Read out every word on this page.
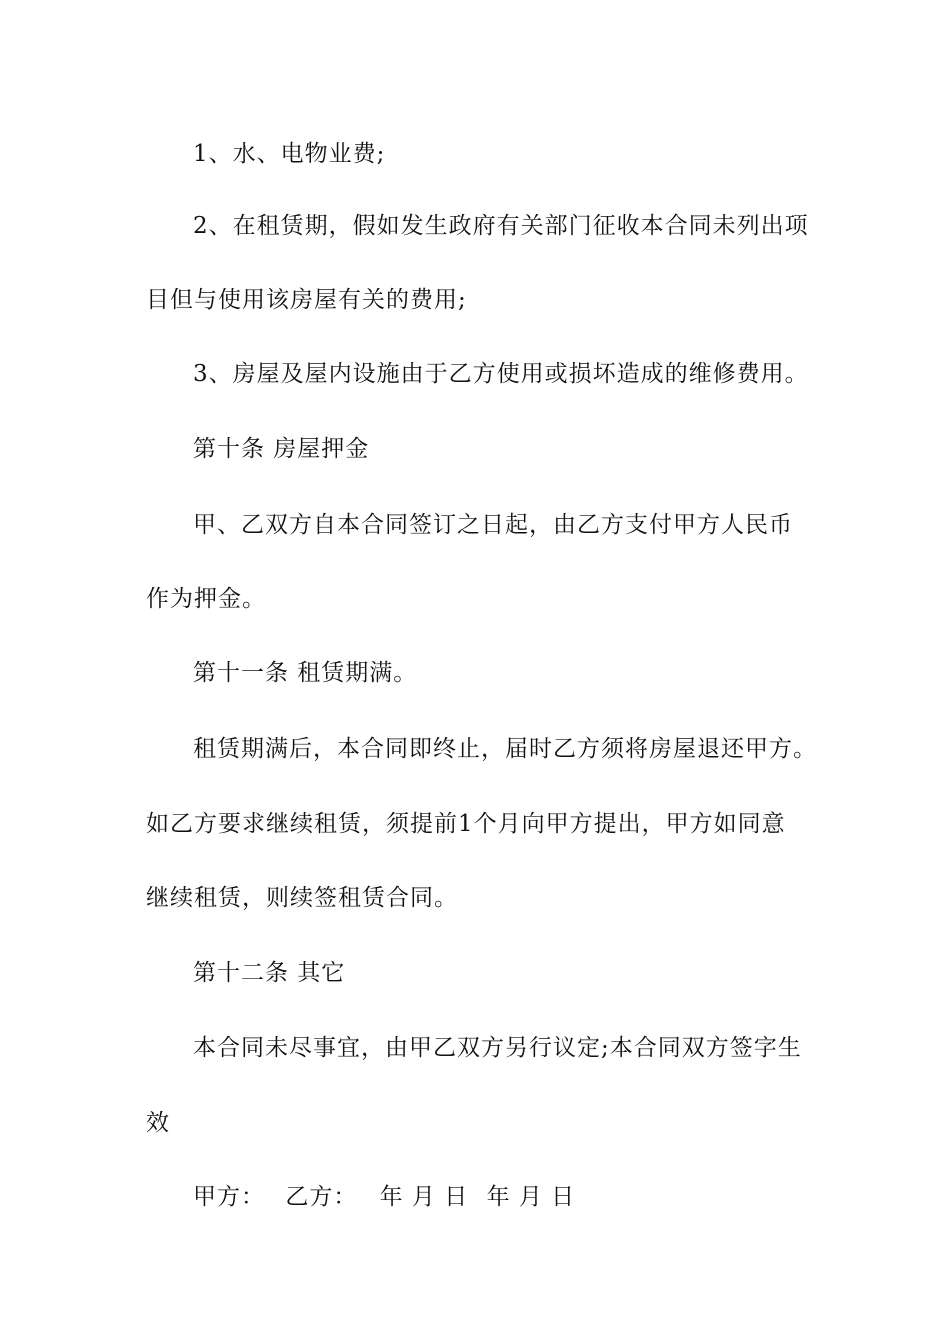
1、水、电物业费;
2、在租赁期，假如发生政府有关部门征收本合同未列出项
目但与使用该房屋有关的费用;
3、房屋及屋内设施由于乙方使用或损坏造成的维修费用。
第十条 房屋押金
甲、乙双方自本合同签订之日起，由乙方支付甲方人民币
作为押金。
第十一条 租赁期满。
租赁期满后，本合同即终止，届时乙方须将房屋退还甲方。
如乙方要求继续租赁，须提前1个月向甲方提出，甲方如同意
继续租赁，则续签租赁合同。
第十二条 其它
本合同未尽事宜，由甲乙双方另行议定;本合同双方签字生
效
甲方： 乙方： 年 月 日 年 月 日
